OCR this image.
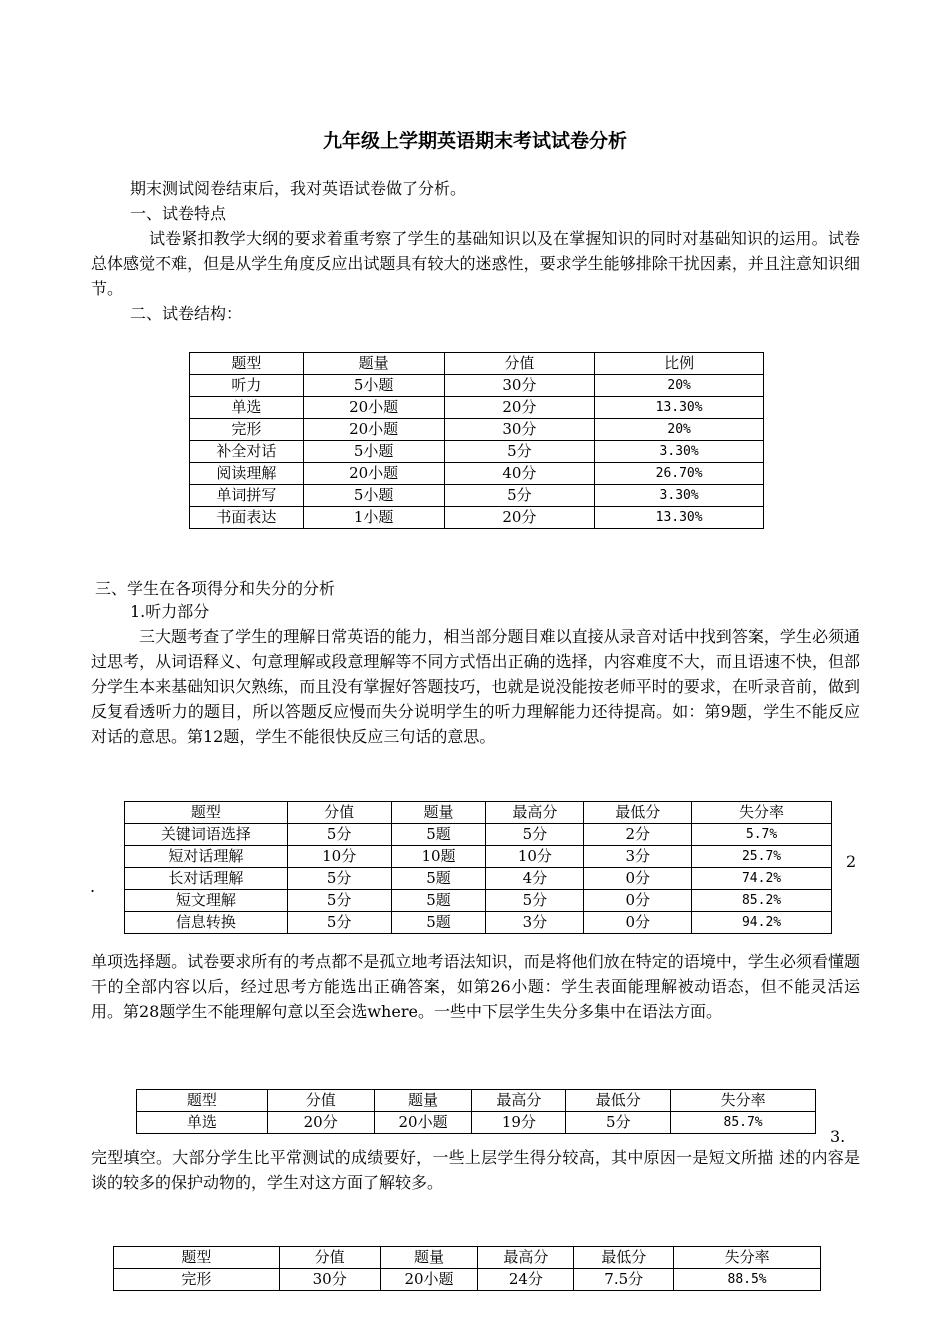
九年级上学期英语期末考试试卷分析
期末测试阅卷结束后，我对英语试卷做了分析。
一、试卷特点
试卷紧扣教学大纲的要求着重考察了学生的基础知识以及在掌握知识的同时对基础知识的运用。试卷总体感觉不难，但是从学生角度反应出试题具有较大的迷惑性，要求学生能够排除干扰因素，并且注意知识细节。
二、试卷结构：
题型	题量	分值	比例
听力	5小题	30分	20%
单选	20小题	20分	13.30%
完形	20小题	30分	20%
补全对话	5小题	5分	3.30%
阅读理解	20小题	40分	26.70%
单词拼写	5小题	5分	3.30%
书面表达	1小题	20分	13.30%
三、学生在各项得分和失分的分析
1.听力部分
三大题考查了学生的理解日常英语的能力，相当部分题目难以直接从录音对话中找到答案，学生必须通过思考，从词语释义、句意理解或段意理解等不同方式悟出正确的选择，内容难度不大，而且语速不快，但部分学生本来基础知识欠熟练，而且没有掌握好答题技巧，也就是说没能按老师平时的要求，在听录音前，做到反复看透听力的题目，所以答题反应慢而失分说明学生的听力理解能力还待提高。如：第9题，学生不能反应对话的意思。第12题，学生不能很快反应三句话的意思。
题型	分值	题量	最高分	最低分	失分率
关键词语选择	5分	5题	5分	2分	5.7%
短对话理解	10分	10题	10分	3分	25.7%
长对话理解	5分	5题	4分	0分	74.2%
短文理解	5分	5题	5分	0分	85.2%
信息转换	5分	5题	3分	0分	94.2%
.
2
单项选择题。试卷要求所有的考点都不是孤立地考语法知识，而是将他们放在特定的语境中，学生必须看懂题干的全部内容以后，经过思考方能选出正确答案，如第26小题：学生表面能理解被动语态，但不能灵活运用。第28题学生不能理解句意以至会选where。一些中下层学生失分多集中在语法方面。
题型	分值	题量	最高分	最低分	失分率
单选	20分	20小题	19分	5分	85.7%
3.
完型填空。大部分学生比平常测试的成绩要好，一些上层学生得分较高，其中原因一是短文所描 述的内容是谈的较多的保护动物的，学生对这方面了解较多。
题型	分值	题量	最高分	最低分	失分率
完形	30分	20小题	24分	7.5分	88.5%
